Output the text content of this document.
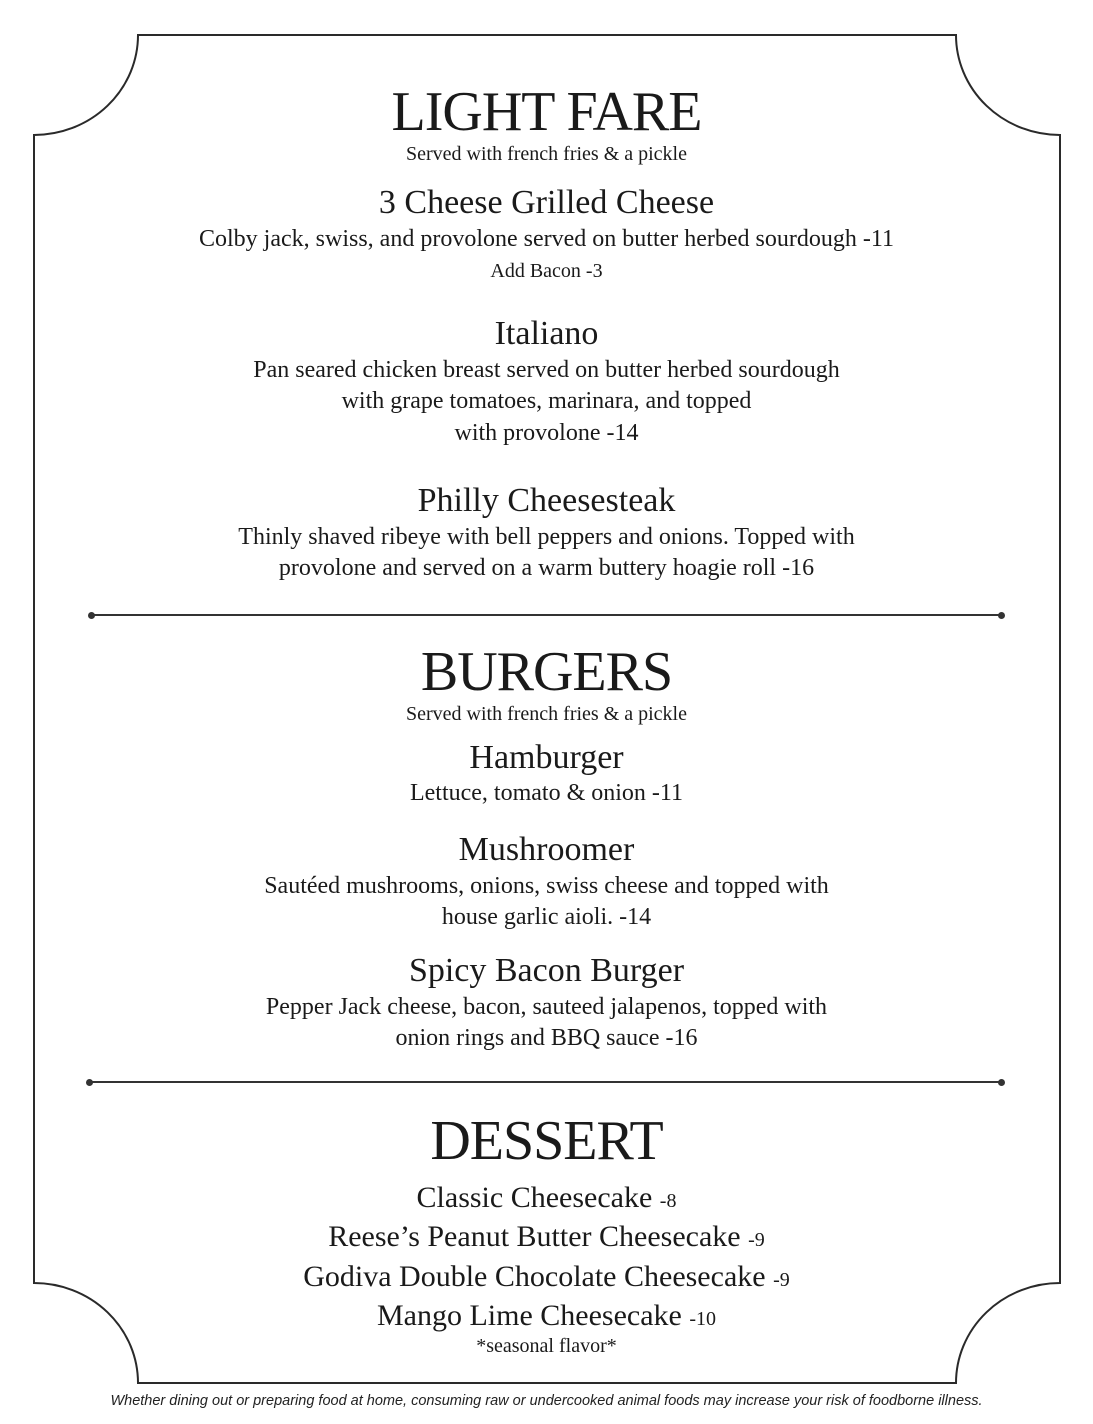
LIGHT FARE
Served with french fries & a pickle
3 Cheese Grilled Cheese
Colby jack, swiss, and provolone served on butter herbed sourdough -11
Add Bacon -3
Italiano
Pan seared chicken breast served on butter herbed sourdough
with grape tomatoes, marinara, and topped
with provolone -14
Philly Cheesesteak
Thinly shaved ribeye with bell peppers and onions. Topped with
provolone and served on a warm buttery hoagie roll -16
BURGERS
Served with french fries & a pickle
Hamburger
Lettuce, tomato & onion -11
Mushroomer
Sautéed mushrooms, onions, swiss cheese and topped with
house garlic aioli. -14
Spicy Bacon Burger
Pepper Jack cheese, bacon, sauteed jalapenos, topped with
onion rings and BBQ sauce -16
DESSERT
Classic Cheesecake -8
Reese’s Peanut Butter Cheesecake -9
Godiva Double Chocolate Cheesecake -9
Mango Lime Cheesecake -10
*seasonal flavor*
Whether dining out or preparing food at home, consuming raw or undercooked animal foods may increase your risk of foodborne illness.
